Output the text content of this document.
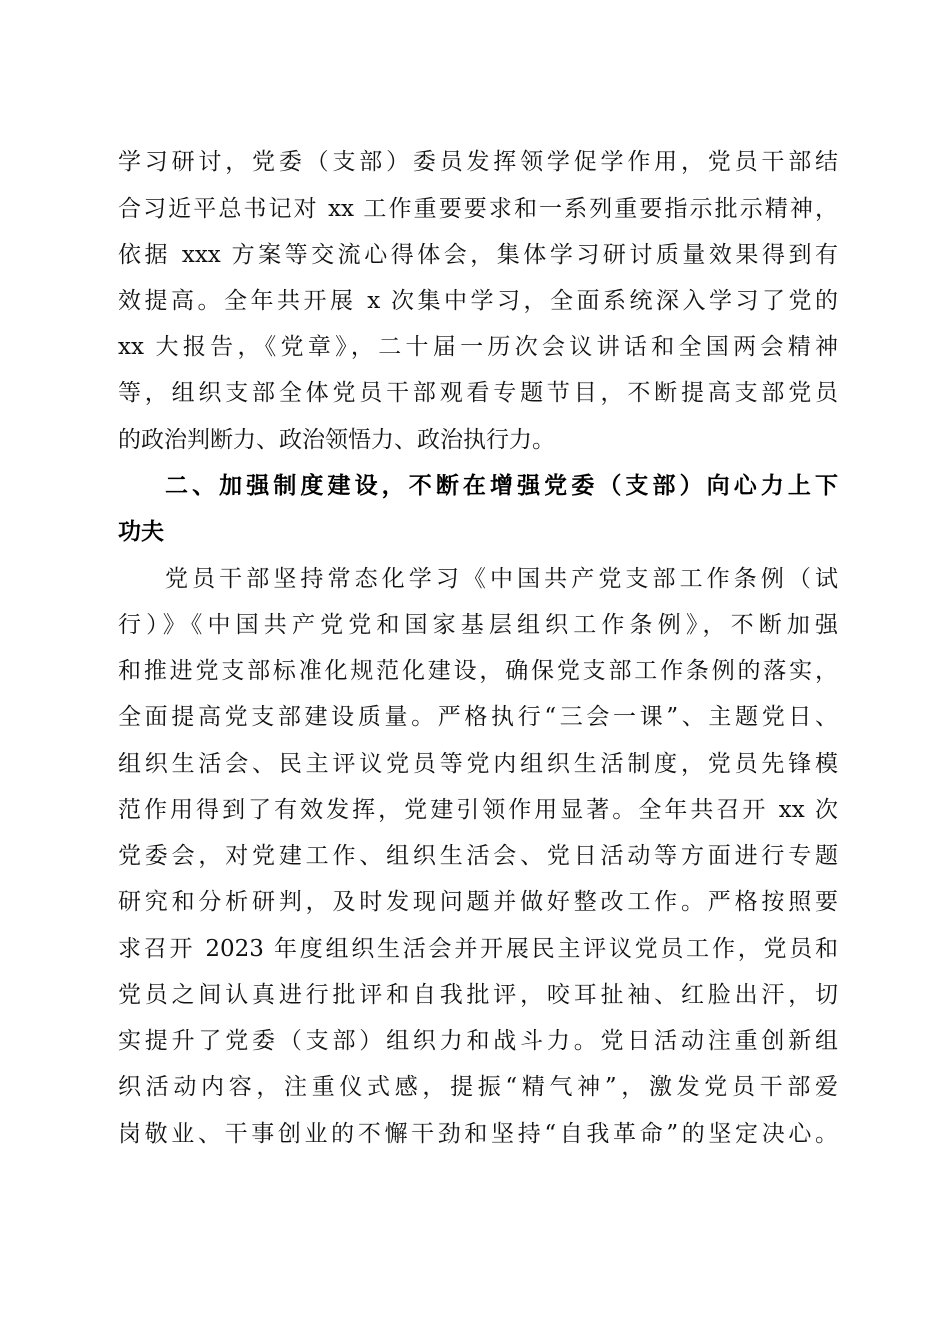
学习研讨，党委（支部）委员发挥领学促学作用，党员干部结
合习近平总书记对 xx 工作重要要求和一系列重要指示批示精神，
依据 xxx 方案等交流心得体会，集体学习研讨质量效果得到有
效提高。全年共开展 x 次集中学习，全面系统深入学习了党的
xx 大报告，《党章》，二十届一历次会议讲话和全国两会精神
等，组织支部全体党员干部观看专题节目，不断提高支部党员
的政治判断力、政治领悟力、政治执行力。
二、加强制度建设，不断在增强党委（支部）向心力上下
功夫
党员干部坚持常态化学习《中国共产党支部工作条例（试
行）》《中国共产党党和国家基层组织工作条例》，不断加强
和推进党支部标准化规范化建设，确保党支部工作条例的落实，
全面提高党支部建设质量。严格执行“三会一课”、主题党日、
组织生活会、民主评议党员等党内组织生活制度，党员先锋模
范作用得到了有效发挥，党建引领作用显著。全年共召开 xx 次
党委会，对党建工作、组织生活会、党日活动等方面进行专题
研究和分析研判，及时发现问题并做好整改工作。严格按照要
求召开 2023 年度组织生活会并开展民主评议党员工作，党员和
党员之间认真进行批评和自我批评，咬耳扯袖、红脸出汗，切
实提升了党委（支部）组织力和战斗力。党日活动注重创新组
织活动内容，注重仪式感，提振“精气神”，激发党员干部爱
岗敬业、干事创业的不懈干劲和坚持“自我革命”的坚定决心。
